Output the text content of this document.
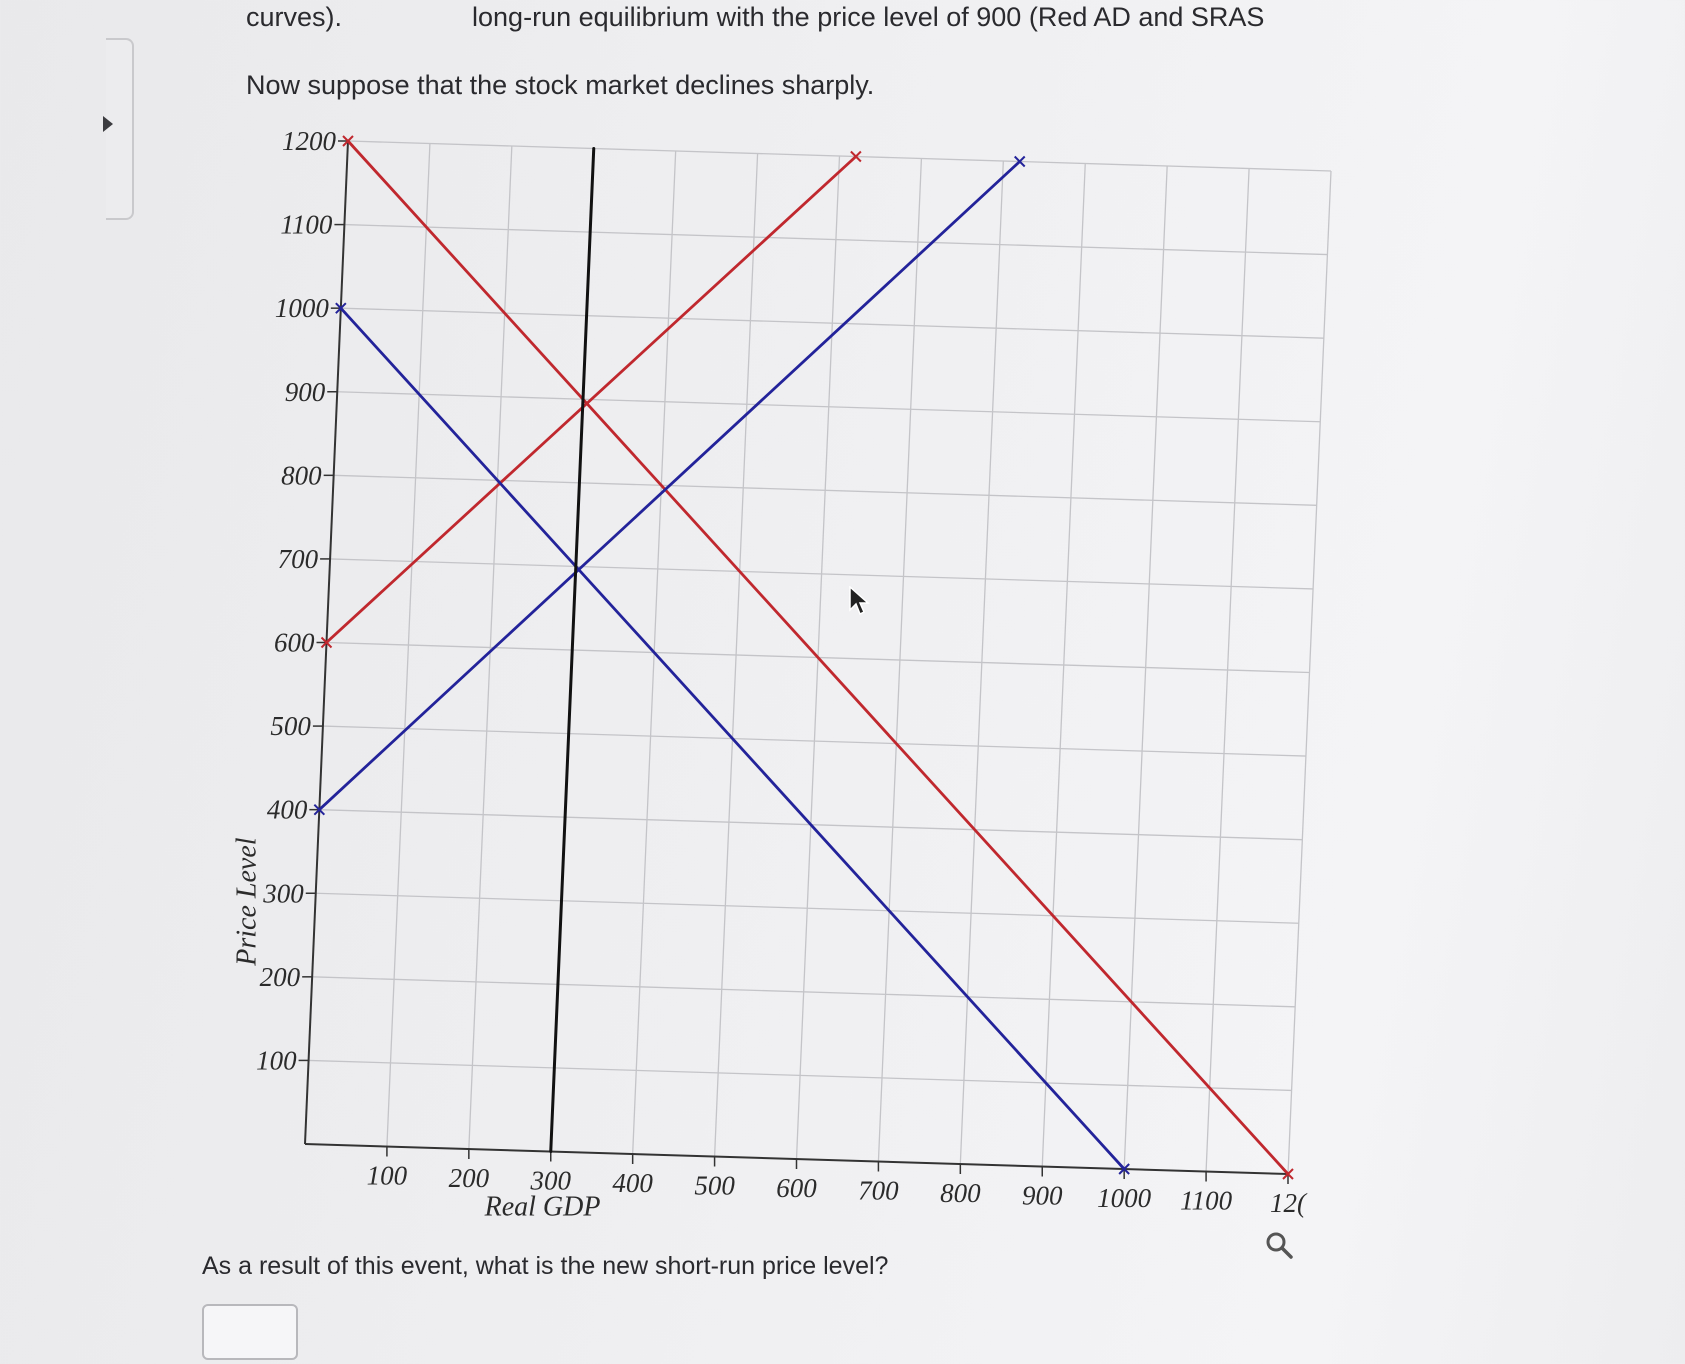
curves).	long-run equilibrium with the price level of 900 (Red AD and SRAS
Now suppose that the stock market declines sharply.
100
200
300
400
500
600
700
800
900
1000
1100
1200
100 200 300 400 500 600 700 800 900 1000 1100 12(
Real GDP
Price Level
As a result of this event, what is the new short-run price level?
